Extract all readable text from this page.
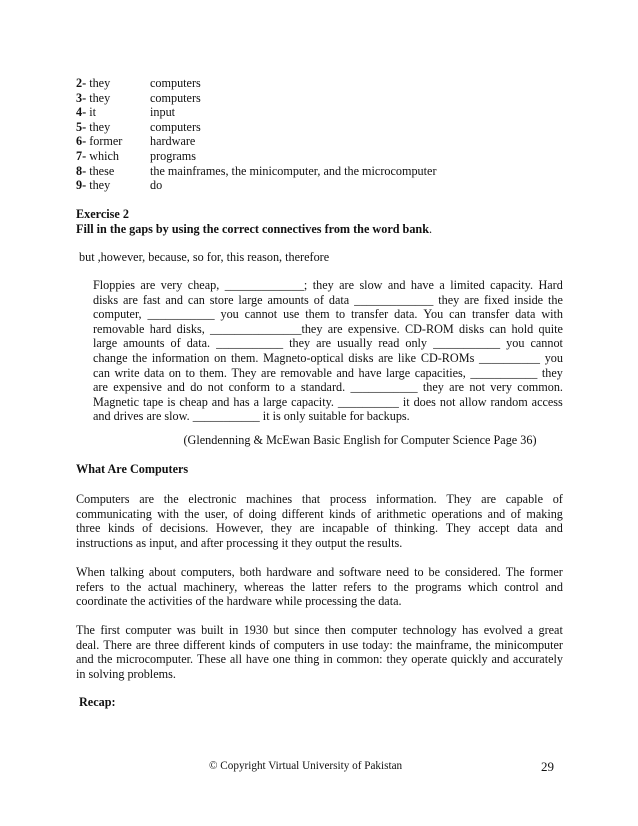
2- they	computers
3- they	computers
4- it	input
5- they	computers
6- former	hardware
7- which	programs
8- these	the mainframes, the minicomputer, and the microcomputer
9- they	do
Exercise 2
Fill in the gaps by using the correct connectives from the word bank.
but ,however, because, so for, this reason, therefore
Floppies are very cheap, _____________; they are slow and have a limited capacity. Hard
disks are fast and can store large amounts of data _____________ they are fixed inside the
computer, ___________ you cannot use them to transfer data. You can transfer data with
removable hard disks, _______________they are expensive. CD-ROM disks can hold quite
large amounts of data. ___________ they are usually read only ___________ you cannot
change the information on them. Magneto-optical disks are like CD-ROMs __________ you
can write data on to them. They are removable and have large capacities, ___________ they
are expensive and do not conform to a standard. ___________ they are not very common.
Magnetic tape is cheap and has a large capacity. __________ it does not allow random access
and drives are slow. ___________ it is only suitable for backups.
(Glendenning & McEwan Basic English for Computer Science Page 36)
What Are Computers
Computers are the electronic machines that process information. They are capable of
communicating with the user, of doing different kinds of arithmetic operations and of making
three kinds of decisions. However, they are incapable of thinking. They accept data and
instructions as input, and after processing it they output the results.
When talking about computers, both hardware and software need to be considered. The former
refers to the actual machinery, whereas the latter refers to the programs which control and
coordinate the activities of the hardware while processing the data.
The first computer was built in 1930 but since then computer technology has evolved a great
deal. There are three different kinds of computers in use today: the mainframe, the minicomputer
and the microcomputer. These all have one thing in common: they operate quickly and accurately
in solving problems.
Recap:
© Copyright Virtual University of Pakistan	29
